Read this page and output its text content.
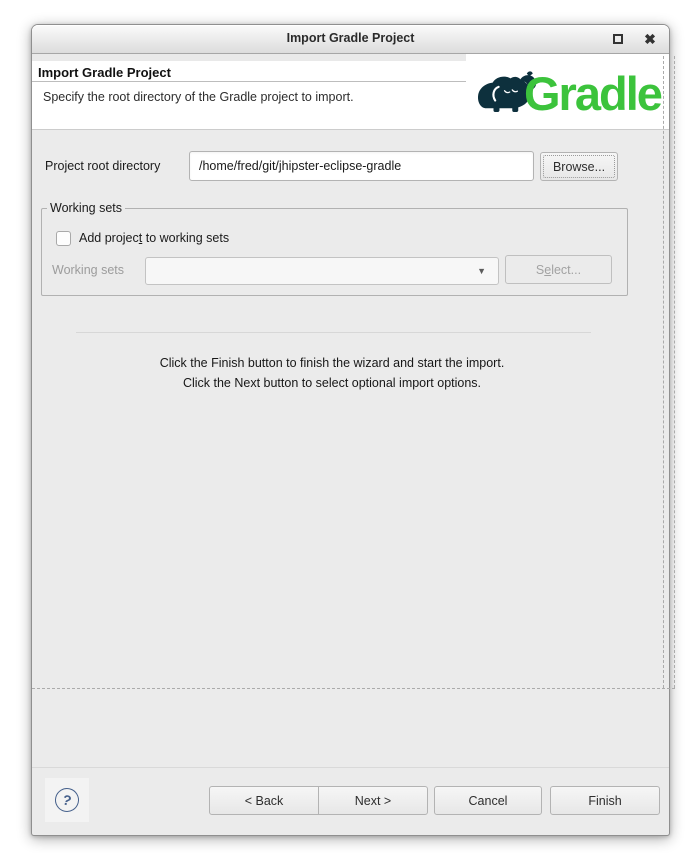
Import Gradle Project	✖
Import Gradle Project
Specify the root directory of the Gradle project to import.	Gradle
Project root directory
/home/fred/git/jhipster-eclipse-gradle	Browse...
Working sets
Add project to working sets
Working sets	▼	S e lect...
Click the Finish button to finish the wizard and start the import. Click the Next button to select optional import options.
?	< Back	Next >	Cancel	Finish
